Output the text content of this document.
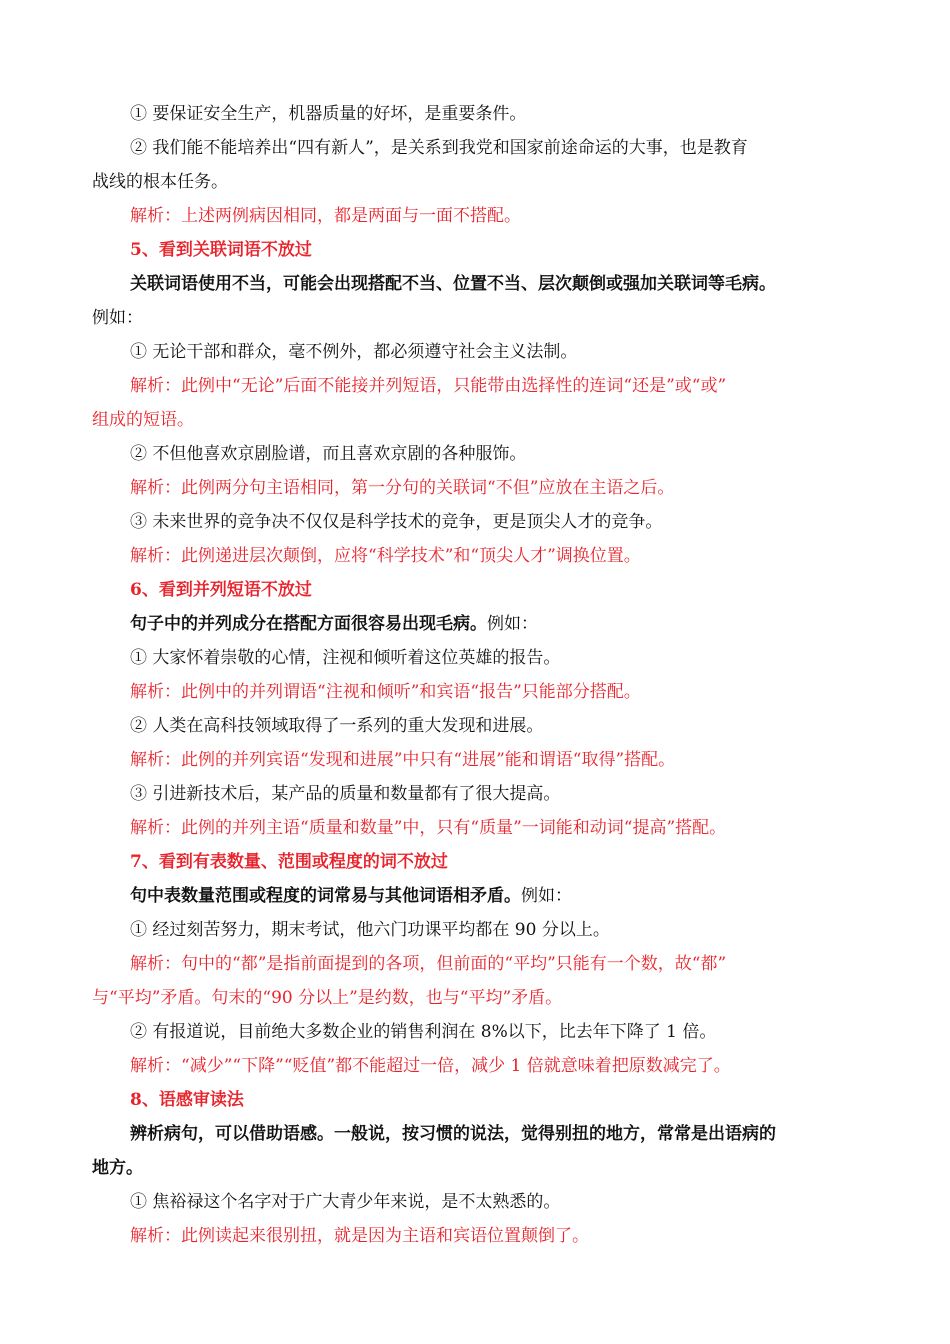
① 要保证安全生产，机器质量的好坏，是重要条件。
② 我们能不能培养出“四有新人”，是关系到我党和国家前途命运的大事，也是教育
战线的根本任务。
解析：上述两例病因相同，都是两面与一面不搭配。
5、看到关联词语不放过
关联词语使用不当，可能会出现搭配不当、位置不当、层次颠倒或强加关联词等毛病。
例如：
① 无论干部和群众，毫不例外，都必须遵守社会主义法制。
解析：此例中“无论”后面不能接并列短语，只能带由选择性的连词“还是”或“或”
组成的短语。
② 不但他喜欢京剧脸谱，而且喜欢京剧的各种服饰。
解析：此例两分句主语相同，第一分句的关联词“不但”应放在主语之后。
③ 未来世界的竞争决不仅仅是科学技术的竞争，更是顶尖人才的竞争。
解析：此例递进层次颠倒，应将“科学技术”和“顶尖人才”调换位置。
6、看到并列短语不放过
句子中的并列成分在搭配方面很容易出现毛病。例如：
① 大家怀着崇敬的心情，注视和倾听着这位英雄的报告。
解析：此例中的并列谓语“注视和倾听”和宾语“报告”只能部分搭配。
② 人类在高科技领域取得了一系列的重大发现和进展。
解析：此例的并列宾语“发现和进展”中只有“进展”能和谓语“取得”搭配。
③ 引进新技术后，某产品的质量和数量都有了很大提高。
解析：此例的并列主语“质量和数量”中，只有“质量”一词能和动词“提高”搭配。
7、看到有表数量、范围或程度的词不放过
句中表数量范围或程度的词常易与其他词语相矛盾。例如：
① 经过刻苦努力，期末考试，他六门功课平均都在 90 分以上。
解析：句中的“都”是指前面提到的各项，但前面的“平均”只能有一个数，故“都”
与“平均”矛盾。句末的“90 分以上”是约数，也与“平均”矛盾。
② 有报道说，目前绝大多数企业的销售利润在 8%以下，比去年下降了 1 倍。
解析：“减少”“下降”“贬值”都不能超过一倍，减少 1 倍就意味着把原数减完了。
8、语感审读法
辨析病句，可以借助语感。一般说，按习惯的说法，觉得别扭的地方，常常是出语病的
地方。
① 焦裕禄这个名字对于广大青少年来说，是不太熟悉的。
解析：此例读起来很别扭，就是因为主语和宾语位置颠倒了。
